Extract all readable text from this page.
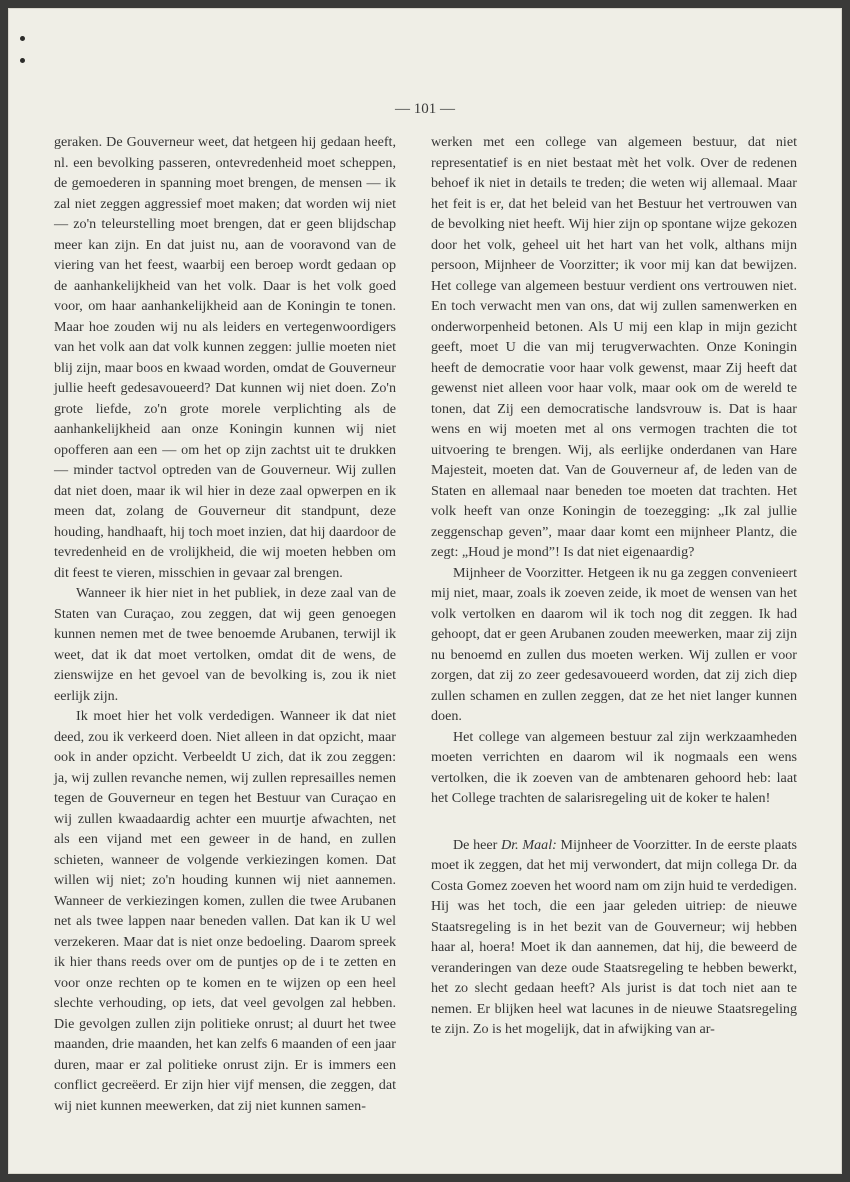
— 101 —

geraken. De Gouverneur weet, dat hetgeen hij gedaan heeft, nl. een bevolking passeren, ontevredenheid moet scheppen, de gemoederen in spanning moet brengen, de mensen — ik zal niet zeggen aggressief moet maken; dat worden wij niet — zo'n teleurstelling moet brengen, dat er geen blijdschap meer kan zijn. En dat juist nu, aan de vooravond van de viering van het feest, waarbij een beroep wordt gedaan op de aanhankelijkheid van het volk. Daar is het volk goed voor, om haar aanhankelijkheid aan de Koningin te tonen. Maar hoe zouden wij nu als leiders en vertegenwoordigers van het volk aan dat volk kunnen zeggen: jullie moeten niet blij zijn, maar boos en kwaad worden, omdat de Gouverneur jullie heeft gedesavoueerd? Dat kunnen wij niet doen. Zo'n grote liefde, zo'n grote morele verplichting als de aanhankelijkheid aan onze Koningin kunnen wij niet opofferen aan een — om het op zijn zachtst uit te drukken — minder tactvol optreden van de Gouverneur. Wij zullen dat niet doen, maar ik wil hier in deze zaal opwerpen en ik meen dat, zolang de Gouverneur dit standpunt, deze houding, handhaaft, hij toch moet inzien, dat hij daardoor de tevredenheid en de vrolijkheid, die wij moeten hebben om dit feest te vieren, misschien in gevaar zal brengen.

Wanneer ik hier niet in het publiek, in deze zaal van de Staten van Curaçao, zou zeggen, dat wij geen genoegen kunnen nemen met de twee benoemde Arubanen, terwijl ik weet, dat ik dat moet vertolken, omdat dit de wens, de zienswijze en het gevoel van de bevolking is, zou ik niet eerlijk zijn.

Ik moet hier het volk verdedigen. Wanneer ik dat niet deed, zou ik verkeerd doen. Niet alleen in dat opzicht, maar ook in ander opzicht. Verbeeldt U zich, dat ik zou zeggen: ja, wij zullen revanche nemen, wij zullen represailles nemen tegen de Gouverneur en tegen het Bestuur van Curaçao en wij zullen kwaadaardig achter een muurtje afwachten, net als een vijand met een geweer in de hand, en zullen schieten, wanneer de volgende verkiezingen komen. Dat willen wij niet; zo'n houding kunnen wij niet aannemen. Wanneer de verkiezingen komen, zullen die twee Arubanen net als twee lappen naar beneden vallen. Dat kan ik U wel verzekeren. Maar dat is niet onze bedoeling. Daarom spreek ik hier thans reeds over om de puntjes op de i te zetten en voor onze rechten op te komen en te wijzen op een heel slechte verhouding, op iets, dat veel gevolgen zal hebben. Die gevolgen zullen zijn politieke onrust; al duurt het twee maanden, drie maanden, het kan zelfs 6 maanden of een jaar duren, maar er zal politieke onrust zijn. Er is immers een conflict gecreëerd. Er zijn hier vijf mensen, die zeggen, dat wij niet kunnen meewerken, dat zij niet kunnen samen-

werken met een college van algemeen bestuur, dat niet representatief is en niet bestaat mèt het volk. Over de redenen behoef ik niet in details te treden; die weten wij allemaal. Maar het feit is er, dat het beleid van het Bestuur het vertrouwen van de bevolking niet heeft. Wij hier zijn op spontane wijze gekozen door het volk, geheel uit het hart van het volk, althans mijn persoon, Mijnheer de Voorzitter; ik voor mij kan dat bewijzen. Het college van algemeen bestuur verdient ons vertrouwen niet. En toch verwacht men van ons, dat wij zullen samenwerken en onderworpenheid betonen. Als U mij een klap in mijn gezicht geeft, moet U die van mij terugverwachten. Onze Koningin heeft de democratie voor haar volk gewenst, maar Zij heeft dat gewenst niet alleen voor haar volk, maar ook om de wereld te tonen, dat Zij een democratische landsvrouw is. Dat is haar wens en wij moeten met al ons vermogen trachten die tot uitvoering te brengen. Wij, als eerlijke onderdanen van Hare Majesteit, moeten dat. Van de Gouverneur af, de leden van de Staten en allemaal naar beneden toe moeten dat trachten. Het volk heeft van onze Koningin de toezegging: „Ik zal jullie zeggenschap geven”, maar daar komt een mijnheer Plantz, die zegt: „Houd je mond”! Is dat niet eigenaardig?

Mijnheer de Voorzitter. Hetgeen ik nu ga zeggen convenieert mij niet, maar, zoals ik zoeven zeide, ik moet de wensen van het volk vertolken en daarom wil ik toch nog dit zeggen. Ik had gehoopt, dat er geen Arubanen zouden meewerken, maar zij zijn nu benoemd en zullen dus moeten werken. Wij zullen er voor zorgen, dat zij zo zeer gedesavoueerd worden, dat zij zich diep zullen schamen en zullen zeggen, dat ze het niet langer kunnen doen.

Het college van algemeen bestuur zal zijn werkzaamheden moeten verrichten en daarom wil ik nogmaals een wens vertolken, die ik zoeven van de ambtenaren gehoord heb: laat het College trachten de salarisregeling uit de koker te halen!

De heer Dr. Maal: Mijnheer de Voorzitter. In de eerste plaats moet ik zeggen, dat het mij verwondert, dat mijn collega Dr. da Costa Gomez zoeven het woord nam om zijn huid te verdedigen. Hij was het toch, die een jaar geleden uitriep: de nieuwe Staatsregeling is in het bezit van de Gouverneur; wij hebben haar al, hoera! Moet ik dan aannemen, dat hij, die beweerd de veranderingen van deze oude Staatsregeling te hebben bewerkt, het zo slecht gedaan heeft? Als jurist is dat toch niet aan te nemen. Er blijken heel wat lacunes in de nieuwe Staatsregeling te zijn. Zo is het mogelijk, dat in afwijking van ar-
